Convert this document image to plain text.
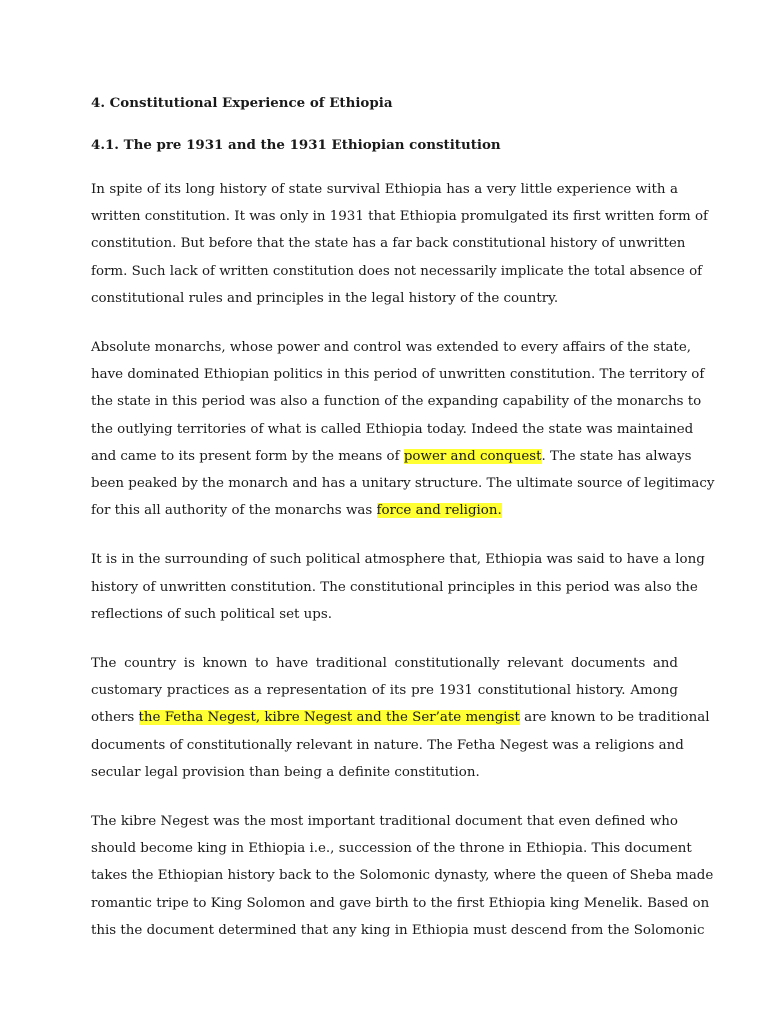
4. Constitutional Experience of Ethiopia

4.1. The pre 1931 and the 1931 Ethiopian constitution

In spite of its long history of state survival Ethiopia has a very little experience with a
written constitution. It was only in 1931 that Ethiopia promulgated its first written form of
constitution. But before that the state has a far back constitutional history of unwritten
form. Such lack of written constitution does not necessarily implicate the total absence of
constitutional rules and principles in the legal history of the country.

Absolute monarchs, whose power and control was extended to every affairs of the state,
have dominated Ethiopian politics in this period of unwritten constitution. The territory of
the state in this period was also a function of the expanding capability of the monarchs to
the outlying territories of what is called Ethiopia today. Indeed the state was maintained
and came to its present form by the means of power and conquest. The state has always
been peaked by the monarch and has a unitary structure. The ultimate source of legitimacy
for this all authority of the monarchs was force and religion.

It is in the surrounding of such political atmosphere that, Ethiopia was said to have a long
history of unwritten constitution. The constitutional principles in this period was also the
reflections of such political set ups.

The country is known to have traditional constitutionally relevant documents and
customary practices as a representation of its pre 1931 constitutional history. Among
others the Fetha Negest, kibre Negest and the Ser’ate mengist are known to be traditional
documents of constitutionally relevant in nature. The Fetha Negest was a religions and
secular legal provision than being a definite constitution.

The kibre Negest was the most important traditional document that even defined who
should become king in Ethiopia i.e., succession of the throne in Ethiopia. This document
takes the Ethiopian history back to the Solomonic dynasty, where the queen of Sheba made
romantic tripe to King Solomon and gave birth to the first Ethiopia king Menelik. Based on
this the document determined that any king in Ethiopia must descend from the Solomonic
